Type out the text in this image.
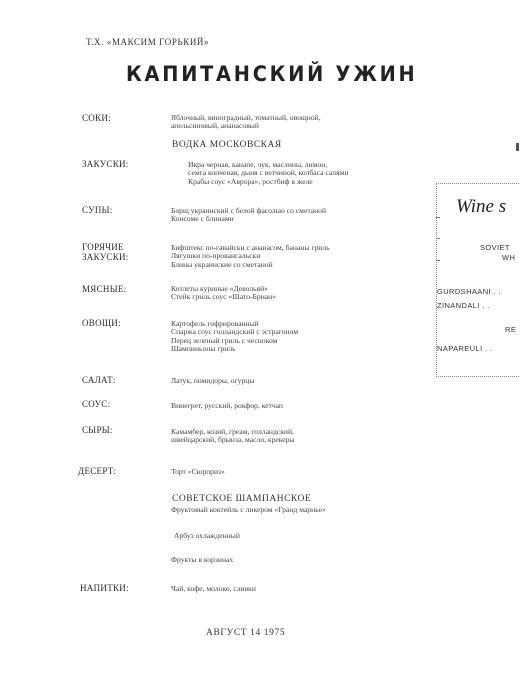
Т.Х. «МАКСИМ ГОРЬКИЙ»
КАПИТАНСКИЙ УЖИН
СОКИ:	Яблочный, виноградный, томатный, овощной,
апельсиновый, ананасовый
ВОДКА МОСКОВСКАЯ
ЗАКУСКИ:	Икра черная, канапе, лук, маслины, лимон,
семга копченая, дыня с ветчиной, колбаса салями
Крабы соус «Аврора», ростбиф в желе
СУПЫ:	Борщ украинский с белой фасолью со сметаной
Консоме с блинами
ГОРЯЧИЕ
ЗАКУСКИ:
Бифштекс по-гавайски с ананасом, бананы гриль
Лягушки по-провансальски
Блины украинские со сметаной
МЯСНЫЕ:	Котлеты куриные «Девольяй»
Стейк гриль соус «Шато-Бриан»
ОВОЩИ:	Картофель гофрированный
Спаржа соус голландский с эстрагоном
Перец зеленый гриль с чесноком
Шампиньоны гриль
САЛАТ:	Латук, помидоры, огурцы
СОУС:	Винегрет, русский, рокфор, кетчап
СЫРЫ:	Камамбер, козий, греам, голландский,
швейцарский, брынза, масло, крекеры
ДЕСЕРТ:	Торт «Сюрприз»
СОВЕТСКОЕ ШАМПАНСКОЕ
Фруктовый коктейль с ликером «Гранд марнье»
Арбуз охлажденный
Фрукты в корзинах
НАПИТКИ:	Чай, кофе, молоко, сливки
АВГУСТ 14 1975
Wine s
SOVIET
WH
GURDSHAANI . .
ZINANDALI . .
RE
NAPAREULI . .
